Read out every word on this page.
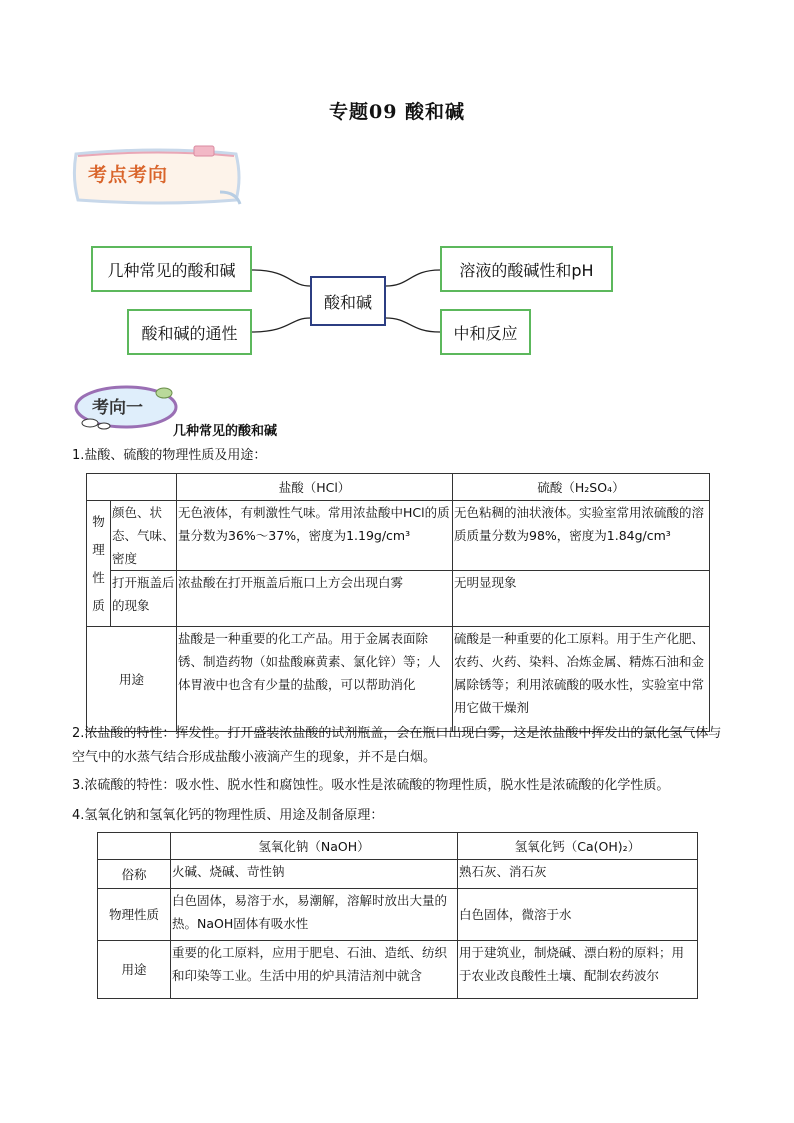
专题09 酸和碱
考点考向
几种常见的酸和碱
酸和碱的通性
酸和碱
溶液的酸碱性和pH
中和反应
考向一
几种常见的酸和碱
1.盐酸、硫酸的物理性质及用途：
		盐酸（HCl）	硫酸（H₂SO₄）

物
理
性
质	颜色、状态、气味、密度	无色液体，有刺激性气味。常用浓盐酸中HCl的质量分数为36%～37%，密度为1.19g/cm³	无色粘稠的油状液体。实验室常用浓硫酸的溶质质量分数为98%，密度为1.84g/cm³
	打开瓶盖后的现象	浓盐酸在打开瓶盖后瓶口上方会出现白雾	无明显现象
用途		盐酸是一种重要的化工产品。用于金属表面除锈、制造药物（如盐酸麻黄素、氯化锌）等；人体胃液中也含有少量的盐酸，可以帮助消化	硫酸是一种重要的化工原料。用于生产化肥、农药、火药、染料、冶炼金属、精炼石油和金属除锈等；利用浓硫酸的吸水性，实验室中常用它做干燥剂
2.浓盐酸的特性：挥发性。打开盛装浓盐酸的试剂瓶盖，会在瓶口出现白雾，这是浓盐酸中挥发出的氯化氢气体与空气中的水蒸气结合形成盐酸小液滴产生的现象，并不是白烟。
3.浓硫酸的特性：吸水性、脱水性和腐蚀性。吸水性是浓硫酸的物理性质，脱水性是浓硫酸的化学性质。
4.氢氧化钠和氢氧化钙的物理性质、用途及制备原理：
	氢氧化钠（NaOH）	氢氧化钙（Ca(OH)₂）
俗称	火碱、烧碱、苛性钠	熟石灰、消石灰
物理性质	白色固体，易溶于水，易潮解，溶解时放出大量的热。NaOH固体有吸水性	白色固体，微溶于水
用途	重要的化工原料，应用于肥皂、石油、造纸、纺织和印染等工业。生活中用的炉具清洁剂中就含	用于建筑业，制烧碱、漂白粉的原料；用于农业改良酸性土壤、配制农药波尔
